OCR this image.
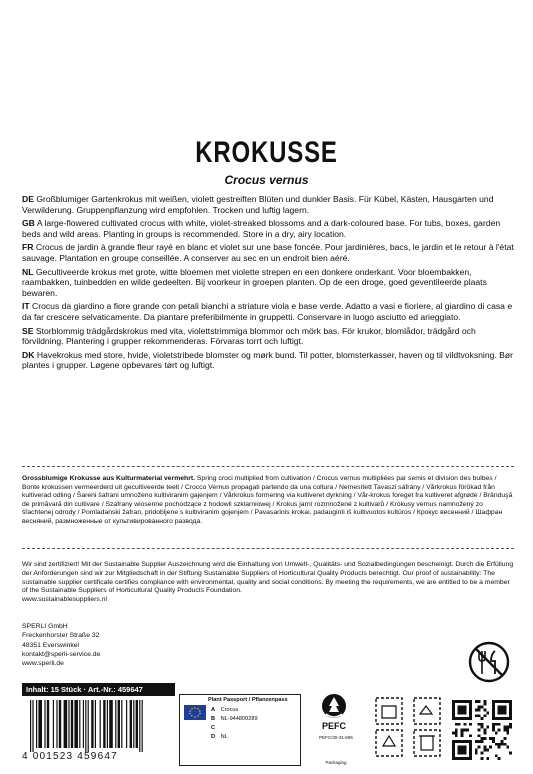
KROKUSSE
Crocus vernus

DE Großblumiger Gartenkrokus mit weißen, violett gestreiften Blüten und dunkler Basis. Für Kübel, Kästen, Hausgarten und Verwilderung. Gruppenpflanzung wird empfohlen. Trocken und luftig lagern.

GB A large-flowered cultivated crocus with white, violet-streaked blossoms and a dark-coloured base. For tubs, boxes, garden beds and wild areas. Planting in groups is recommended. Store in a dry, airy location.

FR Crocus de jardin à grande fleur rayé en blanc et violet sur une base foncée. Pour jardinières, bacs, le jardin et le retour à l'état sauvage. Plantation en groupe conseillée. A conserver au sec en un endroit bien aéré.

NL Gecultiveerde krokus met grote, witte bloemen met violette strepen en een donkere onderkant. Voor bloembakken, raambakken, tuinbedden en wilde gedeelten. Bij voorkeur in groepen planten. Op de een droge, goed geventileerde plaats bewaren.

IT Crocus da giardino a fiore grande con petali bianchi a striature viola e base verde. Adatto a vasi e fioriere, al giardino di casa e da far crescere selvaticamente. Da piantare preferibilmente in gruppetti. Conservare in luogo asciutto ed arieggiato.

SE Storblommig trädgårdskrokus med vita, violettstrimmiga blommor och mörk bas. För krukor, blomlådor, trädgård och förvildning. Plantering i grupper rekommenderas. Förvaras torrt och luftigt.

DK Havekrokus med store, hvide, violetstribede blomster og mørk bund. Til potter, blomsterkasser, haven og til vildtvoksning. Bør plantes i grupper. Løgene opbevares tørt og luftigt.

Grossblumige Krokusse aus Kulturmaterial vermehrt. Spring croci multiplied from cultivation / Crocus vernus multipliées par semis et division des bulbes / Bonte krokussen vermeerderd uit gecultiveerde teelt / Crocco Vernus propagati partendo da una coltura / Nemesített Tavaszi sáfrány / Vårkrokus förökad från kultiverad odling / Šareni šafrani umnoženo kultiviranim gajenjem / Vårkrokus formering via kultiveret dyrkning / Vår-krokus foreget fra kultiveret afgrøde / Brânduşă de primăvară din cultivare / Szafrany wiosenne pochodzące z hodowli szklarniowej / Krokus jarní rozmnožené z kultivarů / Krókusy vernus namnožený zo šľachtenej odrody / Pomladanski žafran, pridobljene s kultiviranim gojenjem / Pavasarinis krokai, padauginti iš kultivuotos kultūros / Крокус весенний / Шафран весняний, размноженные от культивированного развода.
Wir sind zertifiziert! Mit der Sustainable Supplier Auszeichnung wird die Einhaltung von Umwelt-, Qualitäts- und Sozialbedingungen bescheinigt. Durch die Erfüllung der Anforderungen sind wir zur Mitgliedschaft in der Stiftung Sustainable Suppliers of Horticultural Quality Products berechtigt. Our proof of sustainability: The sustainable supplier certificate certifies compliance with environmental, quality and social conditions. By meeting the requirements, we are entitled to be a member of the Sustainable Suppliers of Horticultural Quality Products Foundation.
www.sustainablesuppliers.nl
SPERLI GmbH
Freckenhorster Straße 32
48351 Everswinkel
kontakt@sperli-service.de
www.sperli.de
Inhalt: 15 Stück · Art.-Nr.: 459647
4 001523 459647
Plant Passport / Pflanzenpass
A Crocus
B NL-944800289
C
D NL
PEFC
PEFC/30-31-596
Packaging
